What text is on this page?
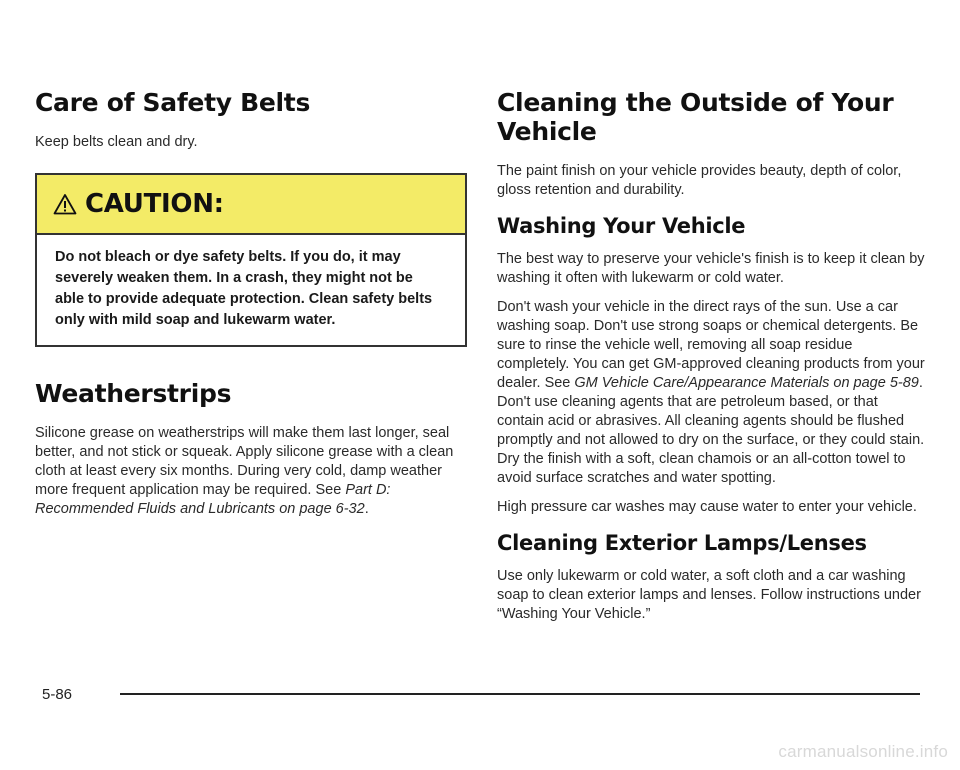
Care of Safety Belts

Keep belts clean and dry.

CAUTION:
Do not bleach or dye safety belts. If you do, it may severely weaken them. In a crash, they might not be able to provide adequate protection. Clean safety belts only with mild soap and lukewarm water.
Weatherstrips

Silicone grease on weatherstrips will make them last longer, seal better, and not stick or squeak. Apply silicone grease with a clean cloth at least every six months. During very cold, damp weather more frequent application may be required. See Part D: Recommended Fluids and Lubricants on page 6-32.

Cleaning the Outside of Your Vehicle

The paint finish on your vehicle provides beauty, depth of color, gloss retention and durability.

Washing Your Vehicle

The best way to preserve your vehicle's finish is to keep it clean by washing it often with lukewarm or cold water.

Don't wash your vehicle in the direct rays of the sun. Use a car washing soap. Don't use strong soaps or chemical detergents. Be sure to rinse the vehicle well, removing all soap residue completely. You can get GM-approved cleaning products from your dealer. See GM Vehicle Care/Appearance Materials on page 5-89. Don't use cleaning agents that are petroleum based, or that contain acid or abrasives. All cleaning agents should be flushed promptly and not allowed to dry on the surface, or they could stain. Dry the finish with a soft, clean chamois or an all-cotton towel to avoid surface scratches and water spotting.

High pressure car washes may cause water to enter your vehicle.

Cleaning Exterior Lamps/Lenses

Use only lukewarm or cold water, a soft cloth and a car washing soap to clean exterior lamps and lenses. Follow instructions under “Washing Your Vehicle.”

5-86
carmanualsonline.info
